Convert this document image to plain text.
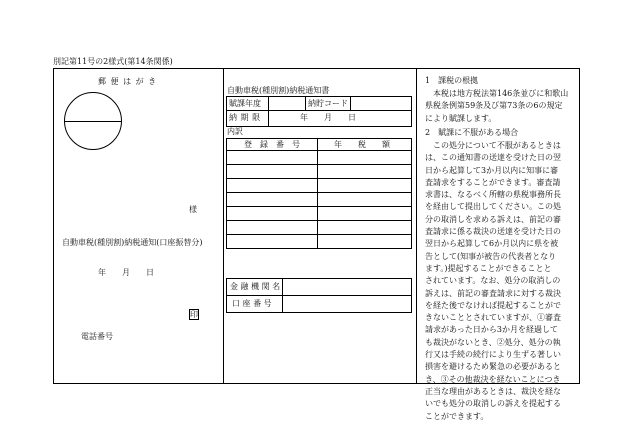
別記第11号の2様式(第14条関係)
郵 便 は が き
様
自動車税(種別割)納税通知(口座振替分)
年　　月　　日
印
電話番号
自動車税(種別割)納税通知書
賦課年度	納貯コード
納 期 限	年　　月　　日
内訳
登　録　番　号	年　　税　　額
金 融 機 関 名
口 座 番 号
1　課税の根拠
本税は地方税法第146条並びに和歌山
県税条例第59条及び第73条の6の規定
により賦課します。
2　賦課に不服がある場合
この処分について不服があるときは
は、この通知書の送達を受けた日の翌
日から起算して3か月以内に知事に審
査請求をすることができます。審査請
求書は、なるべく所轄の県税事務所長
を経由して提出してください。この処
分の取消しを求める訴えは、前記の審
査請求に係る裁決の送達を受けた日の
翌日から起算して6か月以内に県を被
告として(知事が被告の代表者となり
ます。)提起することができることと
されています。なお、処分の取消しの
訴えは、前記の審査請求に対する裁決
を経た後でなければ提起することがで
きないこととされていますが、①審査
請求があった日から3か月を経過して
も裁決がないとき、②処分、処分の執
行又は手続の続行により生ずる著しい
損害を避けるため緊急の必要があると
き、③その他裁決を経ないことにつき
正当な理由があるときは、裁決を経な
いでも処分の取消しの訴えを提起する
ことができます。
